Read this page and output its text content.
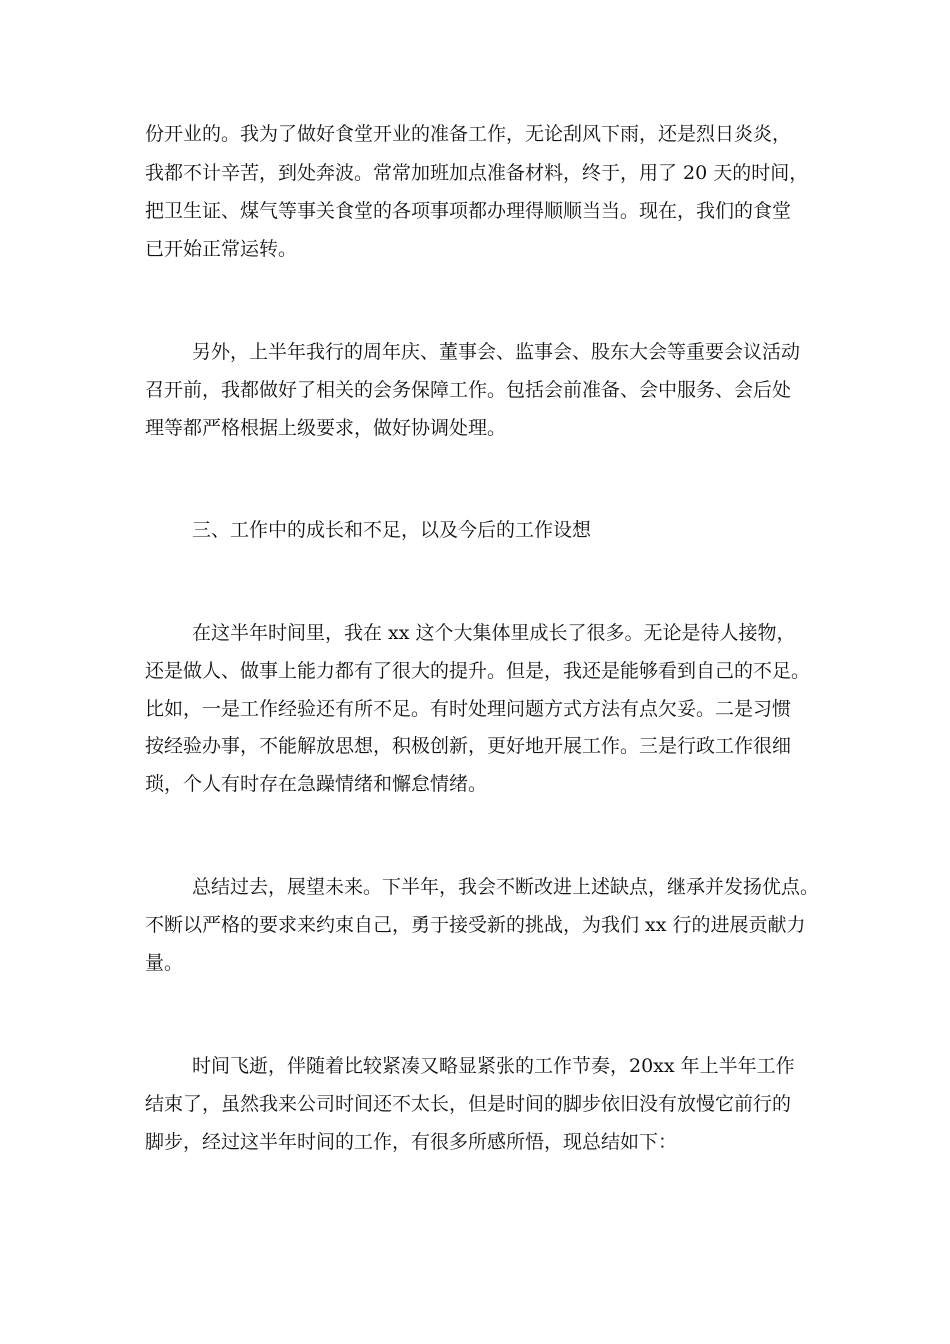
份开业的。我为了做好食堂开业的准备工作，无论刮风下雨，还是烈日炎炎，
我都不计辛苦，到处奔波。常常加班加点准备材料，终于，用了 20 天的时间，
把卫生证、煤气等事关食堂的各项事项都办理得顺顺当当。现在，我们的食堂
已开始正常运转。
另外，上半年我行的周年庆、董事会、监事会、股东大会等重要会议活动
召开前，我都做好了相关的会务保障工作。包括会前准备、会中服务、会后处
理等都严格根据上级要求，做好协调处理。
三、工作中的成长和不足，以及今后的工作设想
在这半年时间里，我在 xx 这个大集体里成长了很多。无论是待人接物，
还是做人、做事上能力都有了很大的提升。但是，我还是能够看到自己的不足。
比如，一是工作经验还有所不足。有时处理问题方式方法有点欠妥。二是习惯
按经验办事，不能解放思想，积极创新，更好地开展工作。三是行政工作很细
琐，个人有时存在急躁情绪和懈怠情绪。
总结过去，展望未来。下半年，我会不断改进上述缺点，继承并发扬优点。
不断以严格的要求来约束自己，勇于接受新的挑战，为我们 xx 行的进展贡献力
量。
时间飞逝，伴随着比较紧凑又略显紧张的工作节奏，20xx 年上半年工作
结束了，虽然我来公司时间还不太长，但是时间的脚步依旧没有放慢它前行的
脚步，经过这半年时间的工作，有很多所感所悟，现总结如下：
